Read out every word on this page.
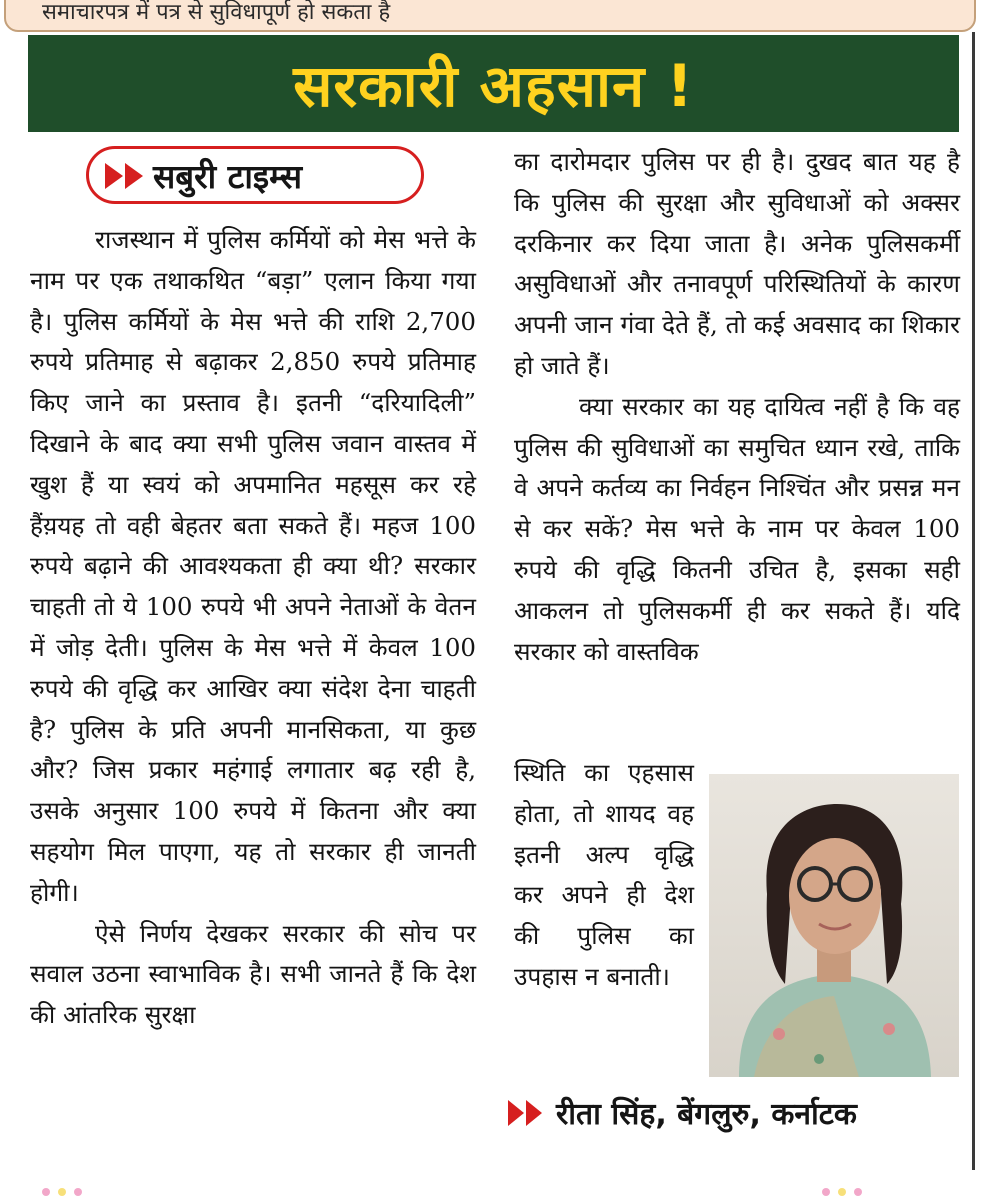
समाचारपत्र में पत्र से सुविधापूर्ण हो सकता है
सरकारी अहसान !
सबुरी टाइम्स

राजस्थान में पुलिस कर्मियों को मेस भत्ते के नाम पर एक तथाकथित “बड़ा” एलान किया गया है। पुलिस कर्मियों के मेस भत्ते की राशि 2,700 रुपये प्रतिमाह से बढ़ाकर 2,850 रुपये प्रतिमाह किए जाने का प्रस्ताव है। इतनी “दरियादिली” दिखाने के बाद क्या सभी पुलिस जवान वास्तव में खुश हैं या स्वयं को अपमानित महसूस कर रहे हैंय़यह तो वही बेहतर बता सकते हैं। महज 100 रुपये बढ़ाने की आवश्यकता ही क्या थी? सरकार चाहती तो ये 100 रुपये भी अपने नेताओं के वेतन में जोड़ देती। पुलिस के मेस भत्ते में केवल 100 रुपये की वृद्धि कर आखिर क्या संदेश देना चाहती है? पुलिस के प्रति अपनी मानसिकता, या कुछ और? जिस प्रकार महंगाई लगातार बढ़ रही है, उसके अनुसार 100 रुपये में कितना और क्या सहयोग मिल पाएगा, यह तो सरकार ही जानती होगी।

ऐसे निर्णय देखकर सरकार की सोच पर सवाल उठना स्वाभाविक है। सभी जानते हैं कि देश की आंतरिक सुरक्षा

का दारोमदार पुलिस पर ही है। दुखद बात यह है कि पुलिस की सुरक्षा और सुविधाओं को अक्सर दरकिनार कर दिया जाता है। अनेक पुलिसकर्मी असुविधाओं और तनावपूर्ण परिस्थितियों के कारण अपनी जान गंवा देते हैं, तो कई अवसाद का शिकार हो जाते हैं।

क्या सरकार का यह दायित्व नहीं है कि वह पुलिस की सुविधाओं का समुचित ध्यान रखे, ताकि वे अपने कर्तव्य का निर्वहन निश्चिंत और प्रसन्न मन से कर सकें? मेस भत्ते के नाम पर केवल 100 रुपये की वृद्धि कितनी उचित है, इसका सही आकलन तो पुलिसकर्मी ही कर सकते हैं। यदि सरकार को वास्तविक

स्थिति का एहसास होता, तो शायद वह इतनी अल्प वृद्धि कर अपने ही देश की पुलिस का उपहास न बनाती।

रीता सिंह, बेंगलुरु, कर्नाटक
